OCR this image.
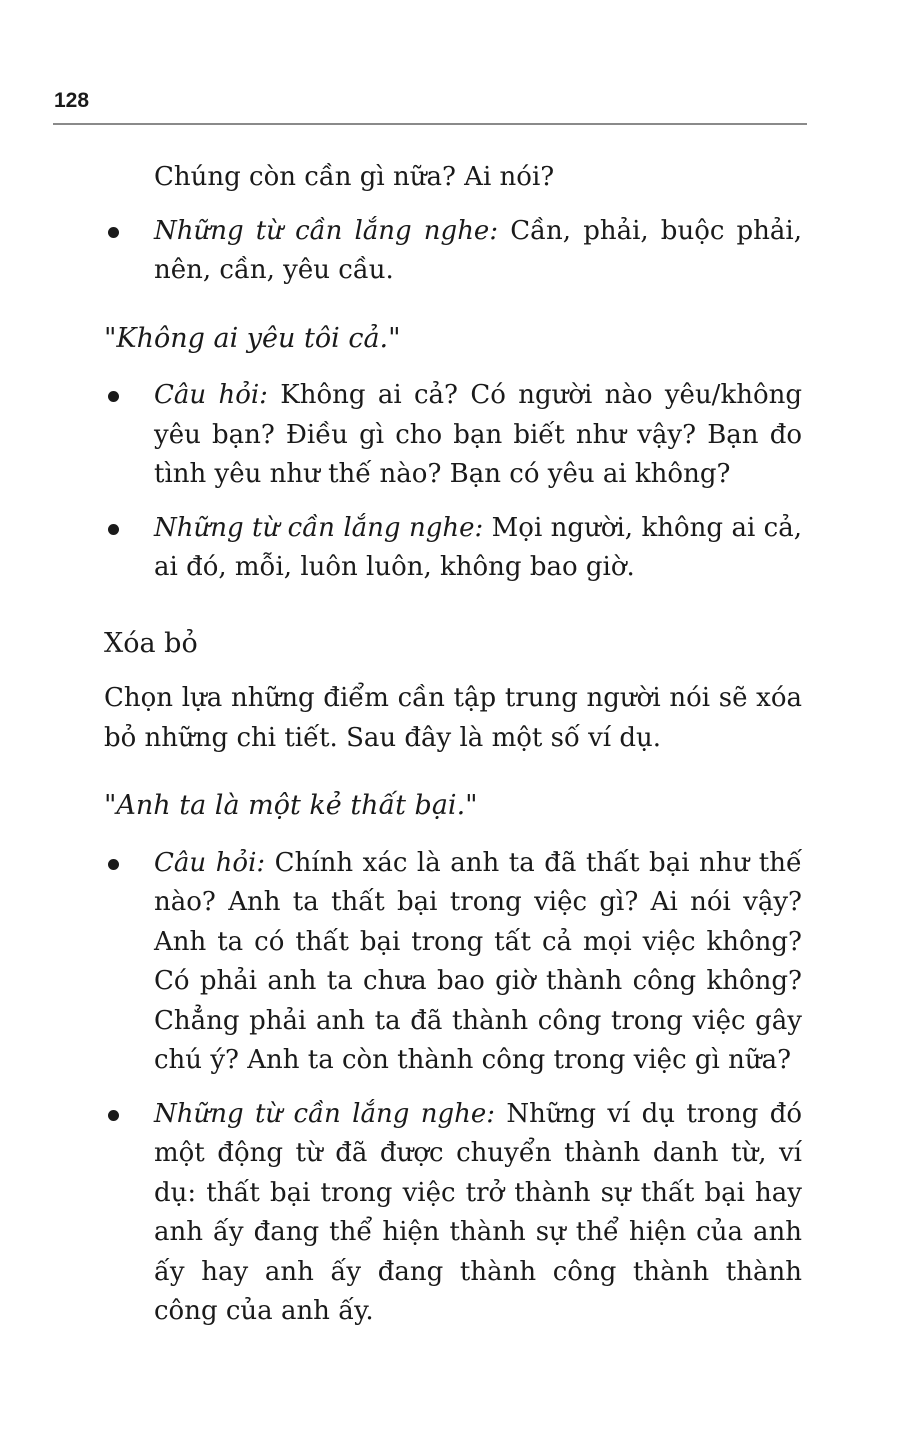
128

Chúng còn cần gì nữa? Ai nói?

Những từ cần lắng nghe: Cần, phải, buộc phải, nên, cần, yêu cầu.
"Không ai yêu tôi cả."
Câu hỏi: Không ai cả? Có người nào yêu/không yêu bạn? Điều gì cho bạn biết như vậy? Bạn đo tình yêu như thế nào? Bạn có yêu ai không?
Những từ cần lắng nghe: Mọi người, không ai cả, ai đó, mỗi, luôn luôn, không bao giờ.
Xóa bỏ

Chọn lựa những điểm cần tập trung người nói sẽ xóa bỏ những chi tiết. Sau đây là một số ví dụ.

"Anh ta là một kẻ thất bại."
Câu hỏi: Chính xác là anh ta đã thất bại như thế nào? Anh ta thất bại trong việc gì? Ai nói vậy? Anh ta có thất bại trong tất cả mọi việc không? Có phải anh ta chưa bao giờ thành công không? Chẳng phải anh ta đã thành công trong việc gây chú ý? Anh ta còn thành công trong việc gì nữa?
Những từ cần lắng nghe: Những ví dụ trong đó một động từ đã được chuyển thành danh từ, ví dụ: thất bại trong việc trở thành sự thất bại hay anh ấy đang thể hiện thành sự thể hiện của anh ấy hay anh ấy đang thành công thành thành công của anh ấy.
